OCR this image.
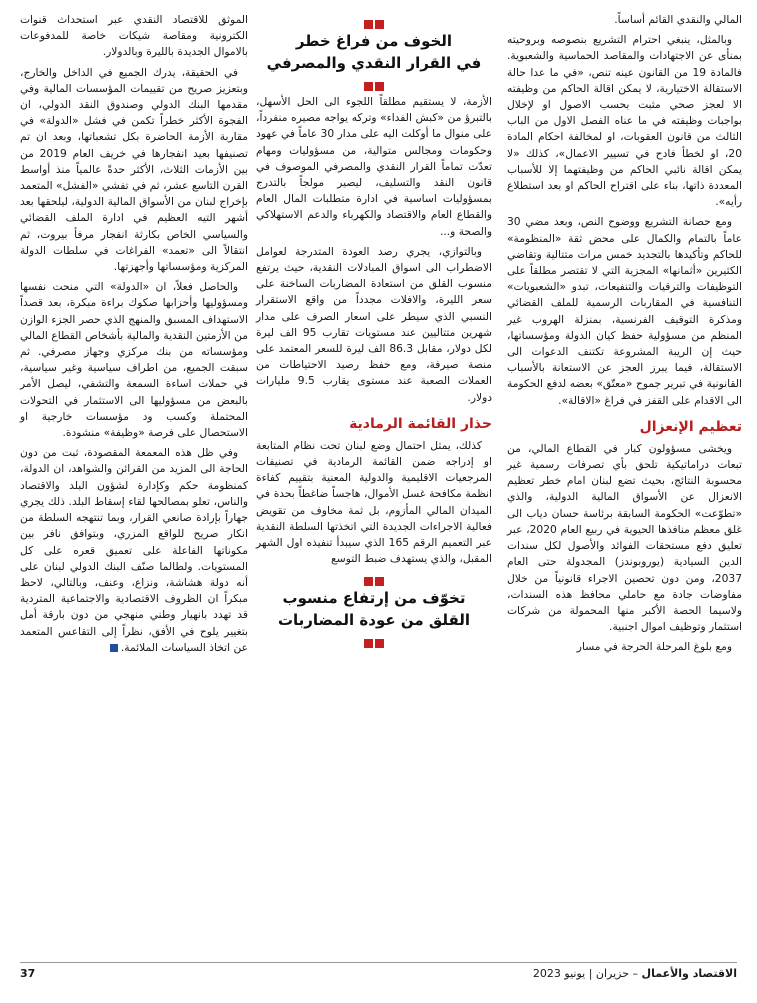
المالي والنقدي القائم أساساً.

وبالمثل، ينبغي احترام التشريع بنصوصه وبروحيته بمنأى عن الاجتهادات والمقاصد الحماسية والشعبوية. فالمادة 19 من القانون عينه تنص، «في ما عدا حالة الاستقالة الاختيارية، لا يمكن اقالة الحاكم من وظيفته الا لعجز صحي مثبت بحسب الاصول او لإخلال بواجبات وظيفته في ما عناه الفصل الاول من الباب الثالث من قانون العقوبات، او لمخالفة احكام المادة 20، او لخطأ فادح في تسيير الاعمال»، كذلك «لا يمكن اقالة نائبي الحاكم من وظيفتهما إلا للأسباب المعددة ذاتها، بناء على اقتراح الحاكم او بعد استطلاع رأيه».

ومع حصانة التشريع ووضوح النص، وبعد مضي 30 عاماً بالتمام والكمال على محض ثقة «المنظومة» للحاكم وتأكيدها بالتجديد خمس مرات متتالية وتقاضي الكثيرين «أثمانها» المجزية التي لا تقتصر مطلقاً على التوظيفات والترقيات والتنفيعات، تبدو «الشعبويات» التنافسية في المقاربات الرسمية للملف القضائي ومذكرة التوقيف الفرنسية، بمنزلة الهروب غير المنظم من مسؤولية حفظ كيان الدولة ومؤسساتها، حيث إن الريبة المشروعة تكتنف الدعوات الى الاستقالة، فيما يبرز العجز عن الاستعانة بالأسباب القانونية في تبرير جموح «معتّق» بعضه لدفع الحكومة الى الاقدام على القفز في فراغ «الاقالة».

تعظيم الإنعزال

ويخشى مسؤولون كبار في القطاع المالي، من تبعات دراماتيكية تلحق بأي تصرفات رسمية غير محسوبة النتائج، بحيث تضع لبنان امام خطر تعظيم الانعزال عن الأسواق المالية الدولية، والذي «تطوّعت» الحكومة السابقة برئاسة حسان دياب الى غلق معظم منافذها الحيوية في ربيع العام 2020، عبر تعليق دفع مستحقات الفوائد والأصول لكل سندات الدين السيادية (يوروبوندز) المجدولة حتى العام 2037، ومن دون تحصين الاجراء قانونياً من خلال مفاوضات جادة مع حاملي محافظ هذه السندات، ولاسيما الحصة الأكبر منها المحمولة من شركات استثمار وتوظيف اموال اجنبية.

ومع بلوغ المرحلة الحرجة في مسار

الخوف من فراغ خطر
في القرار النقدي والمصرفي

الأزمة، لا يستقيم مطلقاً اللجوء الى الحل الأسهل، بالتبرؤ من «كبش الفداء» وتركه يواجه مصيره منفرداً، على منوال ما أوكلت اليه على مدار 30 عاماً في عهود وحكومات ومجالس متوالية، من مسؤوليات ومهام تعدّت تماماً القرار النقدي والمصرفي الموصوف في قانون النقد والتسليف، ليصير مولجاً بالتدرج بمسؤوليات اساسية في ادارة متطلبات المال العام والقطاع العام والاقتصاد والكهرباء والدعم الاستهلاكي والصحة و...

وبالتوازي، يجري رصد العودة المتدرجة لعوامل الاضطراب الى اسواق المبادلات النقدية، حيث يرتفع منسوب القلق من استعادة المضاربات الساخنة على سعر الليرة، والافلات مجدداً من واقع الاستقرار النسبي الذي سيطر على اسعار الصرف على مدار شهرين متتاليين عند مستويات تقارب 95 الف ليرة لكل دولار، مقابل 86.3 الف ليرة للسعر المعتمد على منصة صيرفة، ومع حفظ رصيد الاحتياطات من العملات الصعبة عند مستوى يقارب 9.5 مليارات دولار.

حذار القائمة الرمادية

كذلك، يمثل احتمال وضع لبنان تحت نظام المتابعة او إدراجه ضمن القائمة الرمادية في تصنيفات المرجعيات الاقليمية والدولية المعنية بتقييم كفاءة انظمة مكافحة غسل الأموال، هاجساً ضاغطاً بحدة في الميدان المالي المأزوم، بل ثمة مخاوف من تقويض فعالية الاجراءات الجديدة التي اتخذتها السلطة النقدية عبر التعميم الرقم 165 الذي سيبدأ تنفيذه اول الشهر المقبل، والذي يستهدف ضبط التوسع

تخوّف من إرتفاع منسوب
القلق من عودة المضاربات

الموثق للاقتصاد النقدي عبر استحداث قنوات الكترونية ومقاصة شيكات خاصة للمدفوعات بالاموال الجديدة بالليرة وبالدولار.

في الحقيقة، يدرك الجميع في الداخل والخارج، وبتعزيز صريح من تقييمات المؤسسات المالية وفي مقدمها البنك الدولي وصندوق النقد الدولي، ان الفجوة الأكثر خطراً تكمن في فشل «الدولة» في مقاربة الأزمة الحاضرة بكل تشعباتها، وبعد ان تم تصنيفها بعيد انفجارها في خريف العام 2019 من بين الأزمات الثلاث، الأكثر حدةً عالمياً منذ أواسط القرن التاسع عشر، ثم في تفشي «الفشل» المتعمد بإخراج لبنان من الأسواق المالية الدولية، ليلحقها بعد أشهر التيه العظيم في ادارة الملف القضائي والسياسي الخاص بكارثة انفجار مرفأ بيروت، ثم انتقالاً الى «تعمد» الفراغات في سلطات الدولة المركزية ومؤسساتها وأجهزتها.

والحاصل فعلاً، ان «الدولة» التي منحت نفسها ومسؤوليها وأحزابها صكوك براءة مبكرة، بعد قصداً الاستهداف المسبق والمنهج الذي حصر الجزء الوازن من الأزمتين النقدية والمالية بأشخاص القطاع المالي ومؤسساته من بنك مركزي وجهاز مصرفي. ثم سبقت الجميع، من اطراف سياسية وغير سياسية، في حملات اساءة السمعة والتشفي، ليصل الأمر بالبعض من مسؤوليها الى الاستثمار في التحولات المحتملة وكسب ود مؤسسات خارجية او الاستحصال على فرصة «وظيفة» منشودة.

وفي ظل هذه المعمعة المقصودة، ثبت من دون الحاجة الى المزيد من القرائن والشواهد، ان الدولة، كمنظومة حكم وكإدارة لشؤون البلد والاقتصاد والناس، تعلو بمصالحها لقاء إسقاط البلد. ذلك يجري جهاراً بإرادة صانعي القرار، وبما تنتهجه السلطة من انكار صريح للواقع المزري، وبتوافق نافر بين مكوناتها الفاعلة على تعميق قعره على كل المستويات. ولطالما صنّف البنك الدولي لبنان على أنه دولة هشاشة، ونزاع، وعنف، وبالتالي، لاحظ مبكراً ان الظروف الاقتصادية والاجتماعية المتردية قد تهدد بانهيار وطني منهجي من دون بارقة أمل بتغيير يلوح في الأفق، نظراً إلى التقاعس المتعمد عن اتخاذ السياسات الملائمة.

37	الاقتصاد والأعمال – حزيران | يونيو 2023
